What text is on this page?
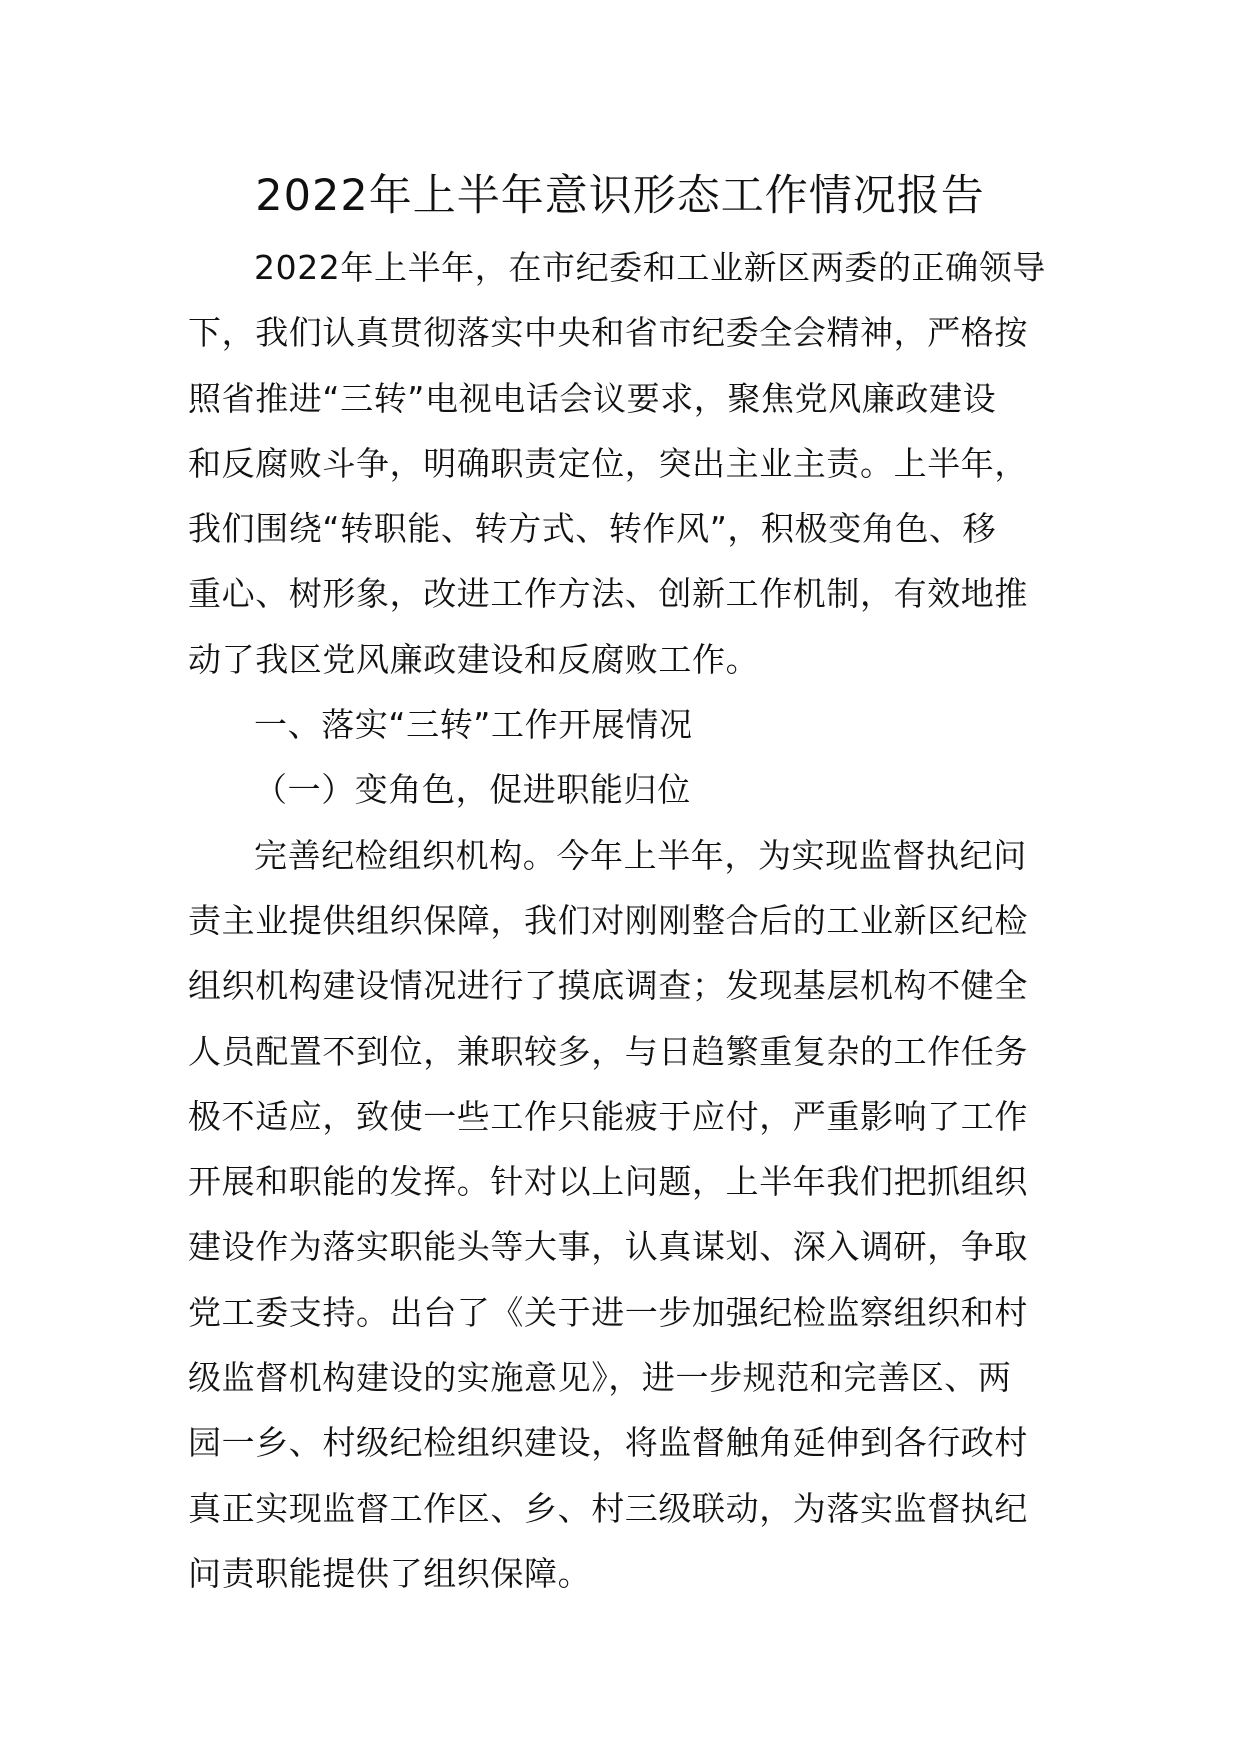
2022年上半年意识形态工作情况报告
2022年上半年，在市纪委和工业新区两委的正确领导
下，我们认真贯彻落实中央和省市纪委全会精神，严格按
照省推进“三转”电视电话会议要求，聚焦党风廉政建设
和反腐败斗争，明确职责定位，突出主业主责。上半年，
我们围绕“转职能、转方式、转作风”，积极变角色、移
重心、树形象，改进工作方法、创新工作机制，有效地推
动了我区党风廉政建设和反腐败工作。
一、落实“三转”工作开展情况
（一）变角色，促进职能归位
完善纪检组织机构。今年上半年，为实现监督执纪问
责主业提供组织保障，我们对刚刚整合后的工业新区纪检
组织机构建设情况进行了摸底调查；发现基层机构不健全
人员配置不到位，兼职较多，与日趋繁重复杂的工作任务
极不适应，致使一些工作只能疲于应付，严重影响了工作
开展和职能的发挥。针对以上问题，上半年我们把抓组织
建设作为落实职能头等大事，认真谋划、深入调研，争取
党工委支持。出台了《关于进一步加强纪检监察组织和村
级监督机构建设的实施意见》，进一步规范和完善区、两
园一乡、村级纪检组织建设，将监督触角延伸到各行政村
真正实现监督工作区、乡、村三级联动，为落实监督执纪
问责职能提供了组织保障。
